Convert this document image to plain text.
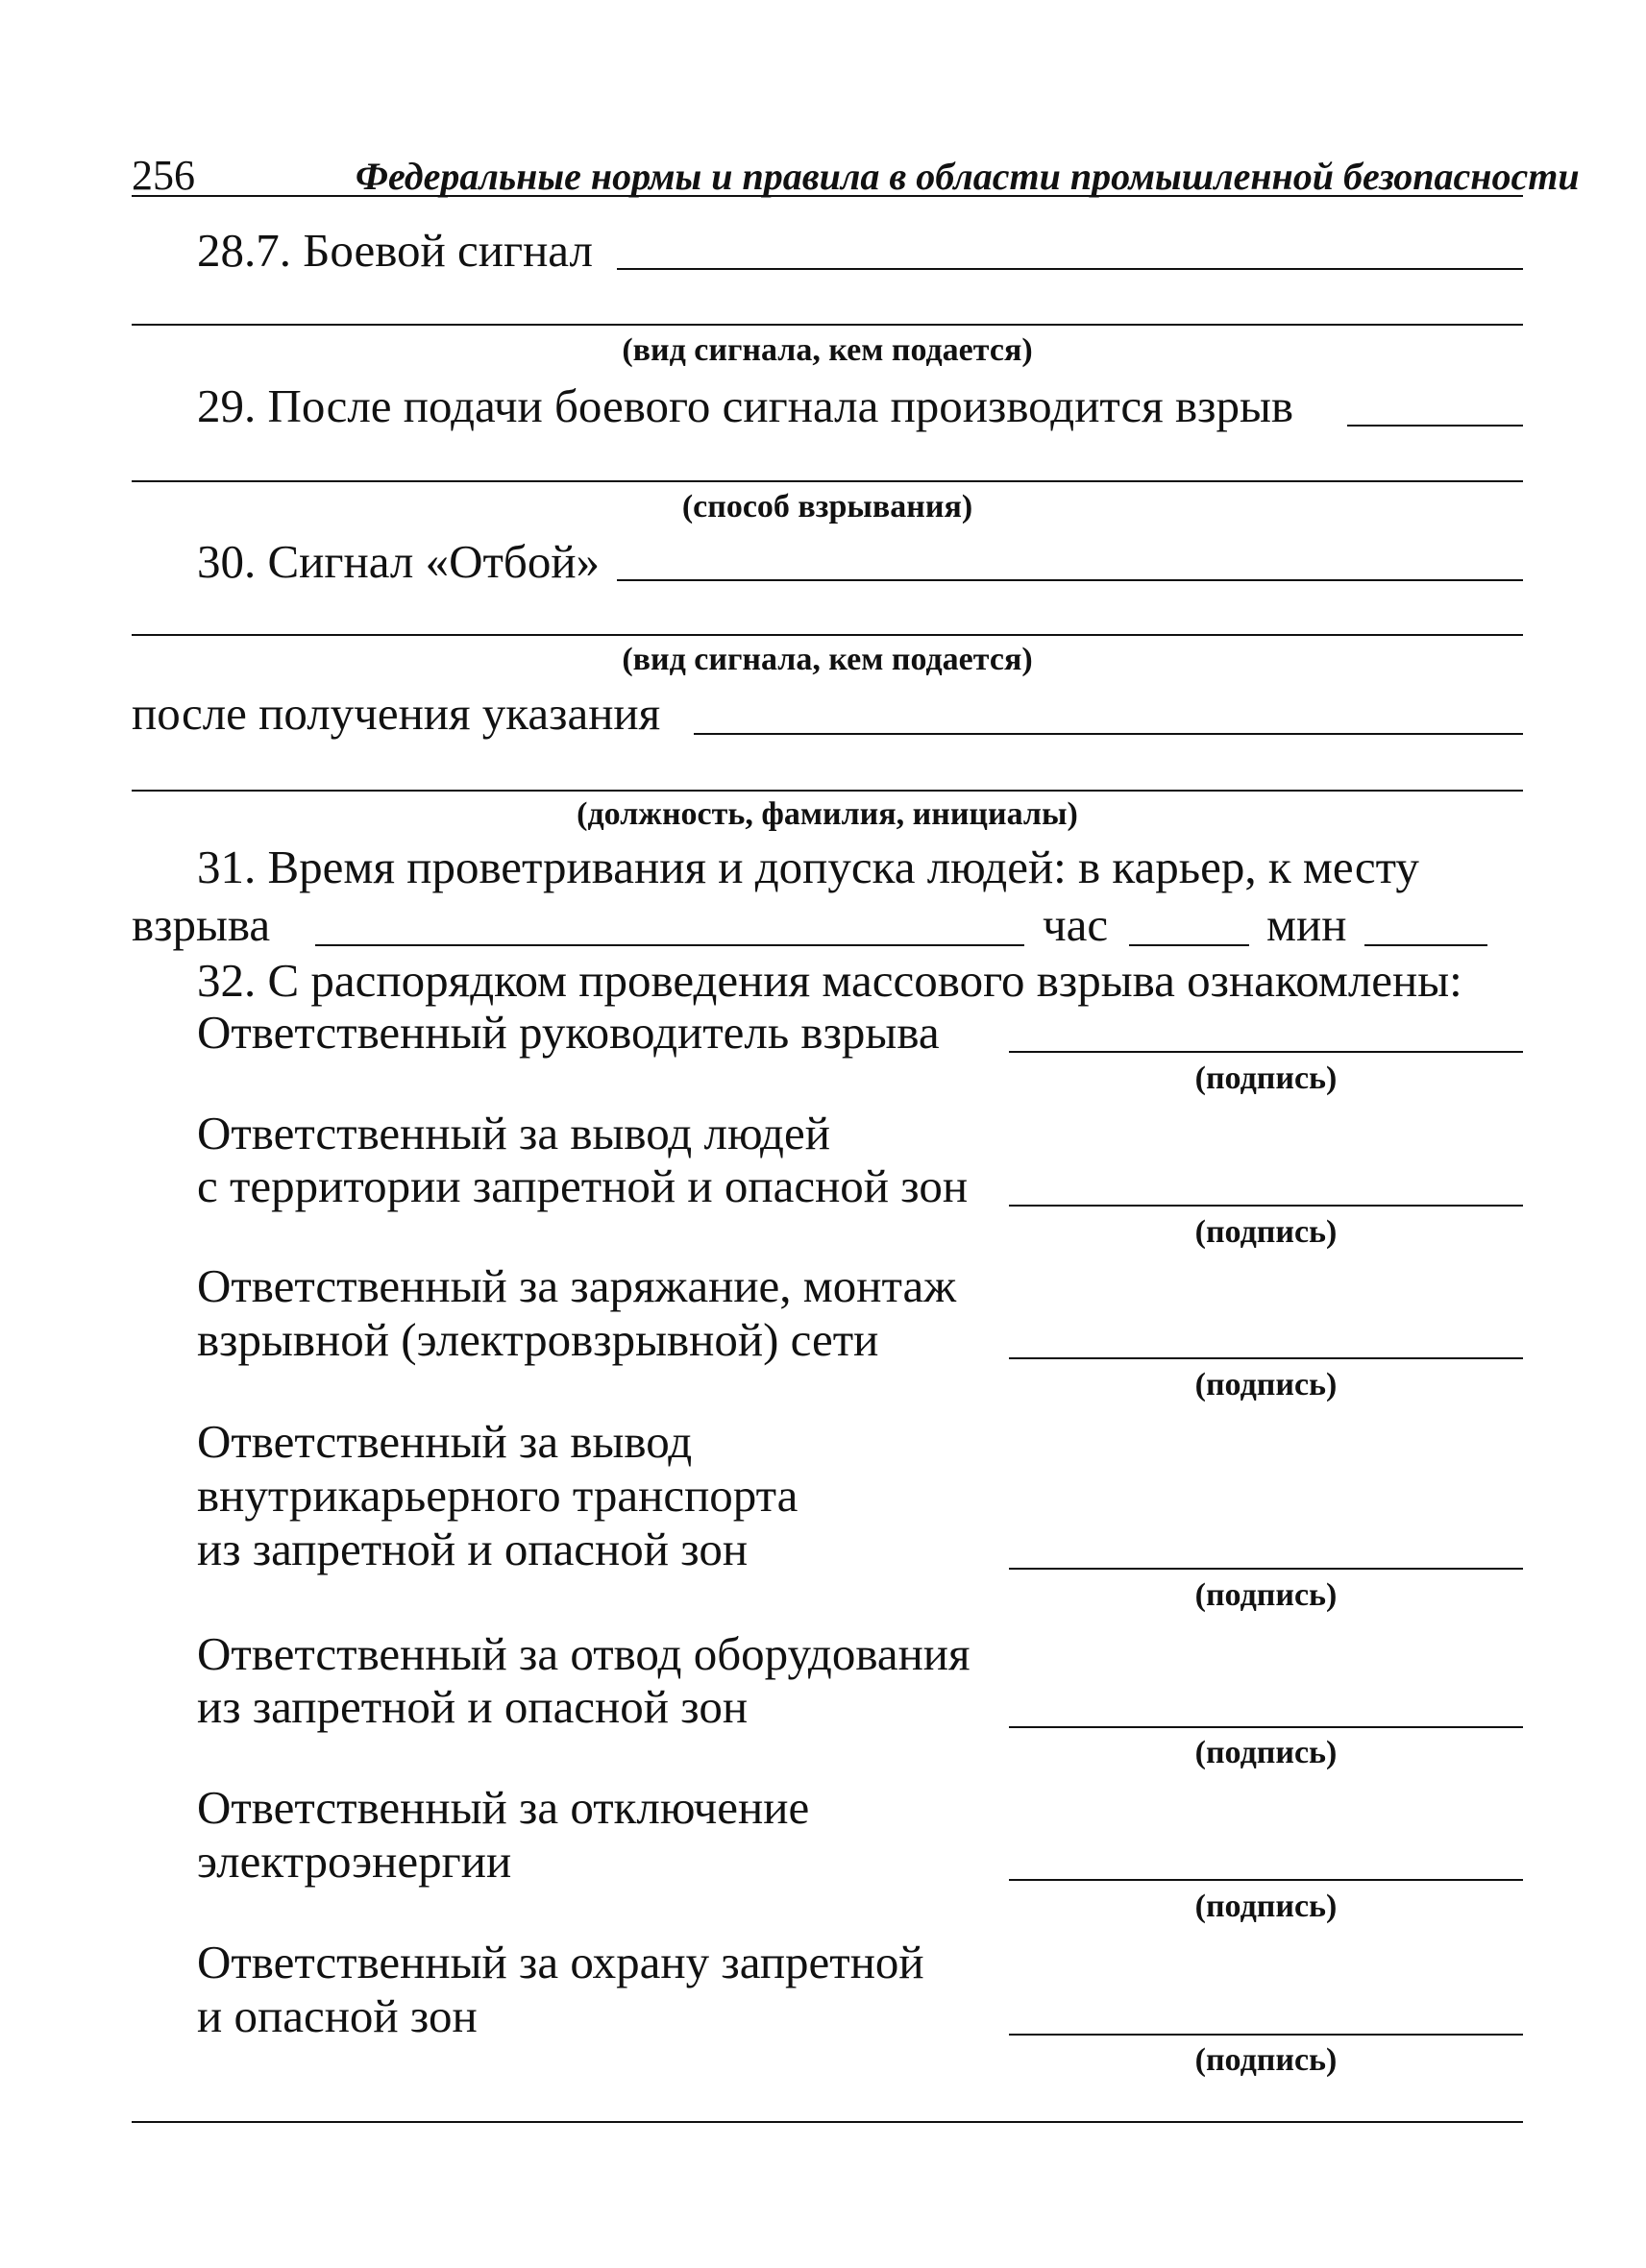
256	Федеральные нормы и правила в области промышленной безопасности
28.7. Боевой сигнал
(вид сигнала, кем подается)
29. После подачи боевого сигнала производится взрыв
(способ взрывания)
30. Сигнал «Отбой»
(вид сигнала, кем подается)
после получения указания
(должность, фамилия, инициалы)
31. Время проветривания и допуска людей: в карьер, к месту
взрыва	час	мин
32. С распорядком проведения массового взрыва ознакомлены:
Ответственный руководитель взрыва
(подпись)
Ответственный за вывод людей
с территории запретной и опасной зон
(подпись)
Ответственный за заряжание, монтаж
взрывной (электровзрывной) сети
(подпись)
Ответственный за вывод
внутрикарьерного транспорта
из запретной и опасной зон
(подпись)
Ответственный за отвод оборудования
из запретной и опасной зон
(подпись)
Ответственный за отключение
электроэнергии
(подпись)
Ответственный за охрану запретной
и опасной зон
(подпись)
